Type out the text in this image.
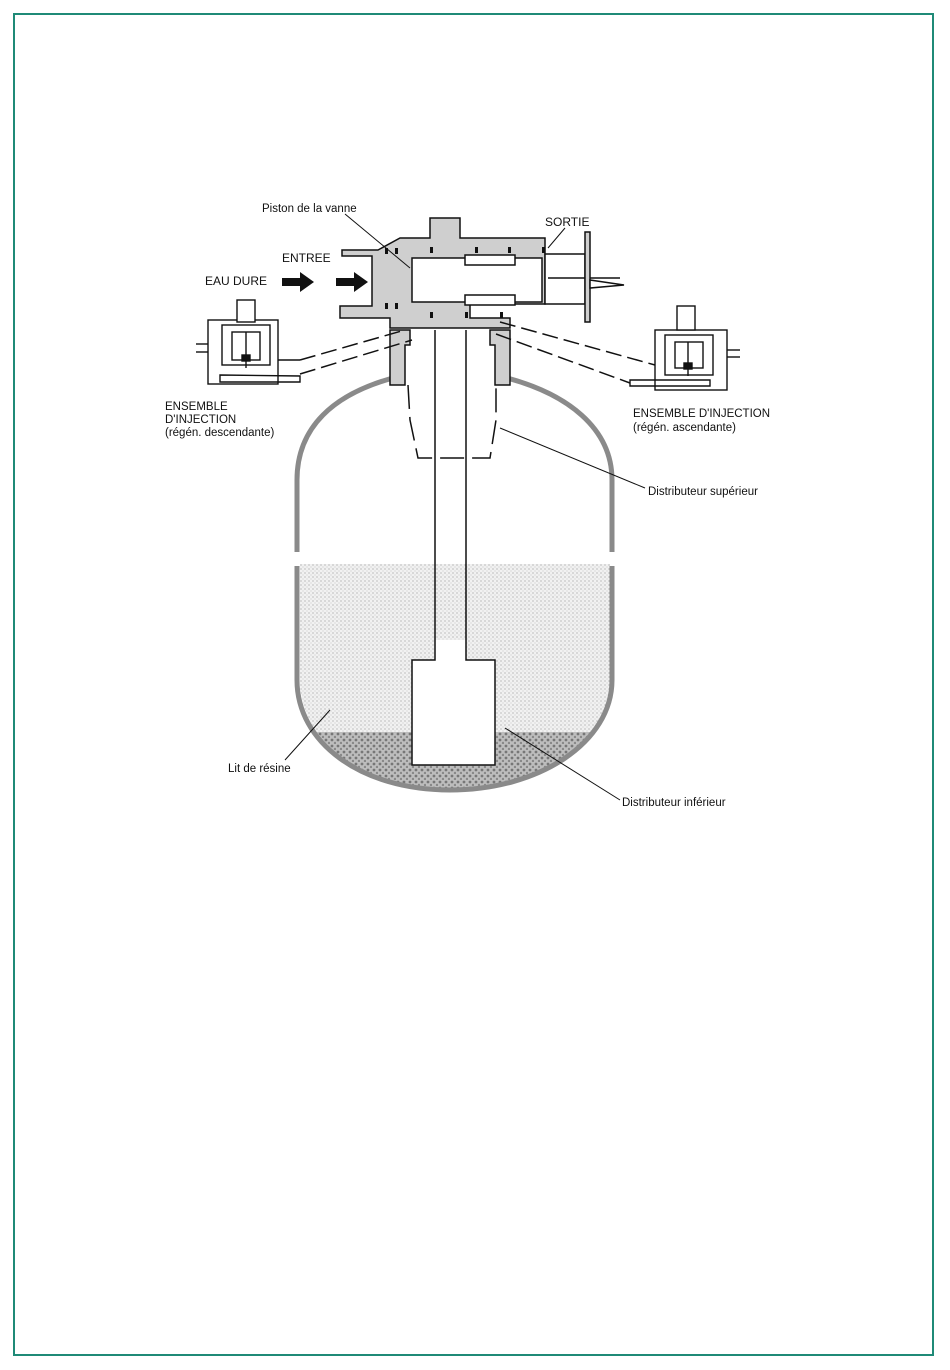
Piston de la vanne
ENTREE
SORTIE
EAU DURE
ENSEMBLE
D'INJECTION
(régén. descendante)
ENSEMBLE D'INJECTION
(régén. ascendante)
Distributeur supérieur
Lit de résine
Distributeur inférieur
